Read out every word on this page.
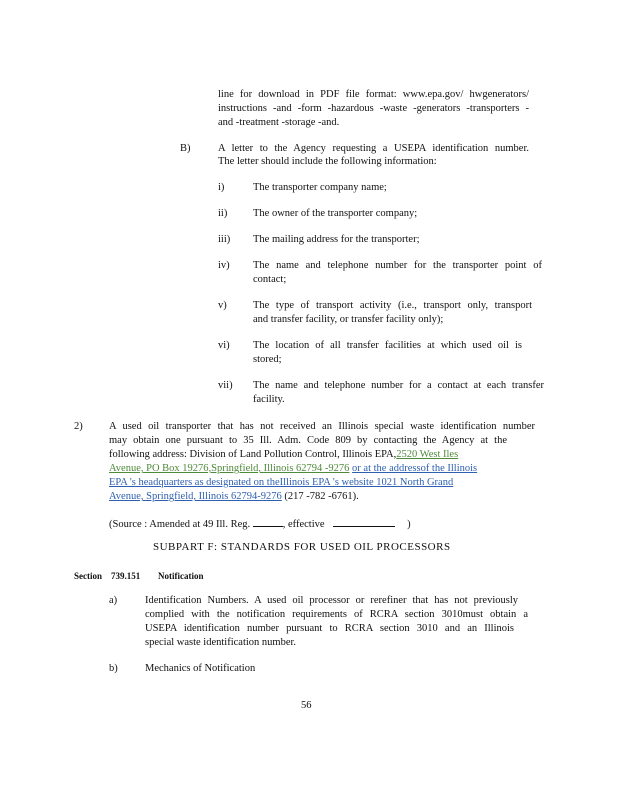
line for download in PDF file format: www.epa.gov/ hwgenerators/
instructions -and -form -hazardous -waste -generators -transporters -
and -treatment -storage -and.
B)	A letter to the Agency requesting a USEPA identification number.
The letter should include the following information:
i)	The transporter company name;
ii) The owner of the transporter company;
iii) The mailing address for the transporter;
iv) The name and telephone number for the transporter point of
contact;
v)	The type of transport activity (i.e., transport only, transport
and transfer facility, or transfer facility only);
vi) The location of all transfer facilities at which used oil is
stored;
vii) The name and telephone number for a contact at each transfer
facility.
2)	A used oil transporter that has not received an Illinois special waste identification number
may obtain one pursuant to 35 Ill. Adm. Code 809 by contacting the Agency at the
following address: Division of Land Pollution Control, Illinois EPA,2520 West Iles
Avenue, PO Box 19276,Springfield, Illinois 62794 -9276 or at the addressof the Illinois
EPA 's headquarters as designated on theIllinois EPA 's website 1021 North Grand
Avenue, Springfield, Illinois 62794-9276 (217 -782 -6761).
(Source : Amended at 49 Ill. Reg.	, effective	)
SUBPART F: STANDARDS FOR USED OIL PROCESSORS
Section 739.151 Notification
a)	Identification Numbers. A used oil processor or rerefiner that has not previously
complied with the notification requirements of RCRA section 3010must obtain a
USEPA identification number pursuant to RCRA section 3010 and an Illinois
special waste identification number.
b)	Mechanics of Notification
56
